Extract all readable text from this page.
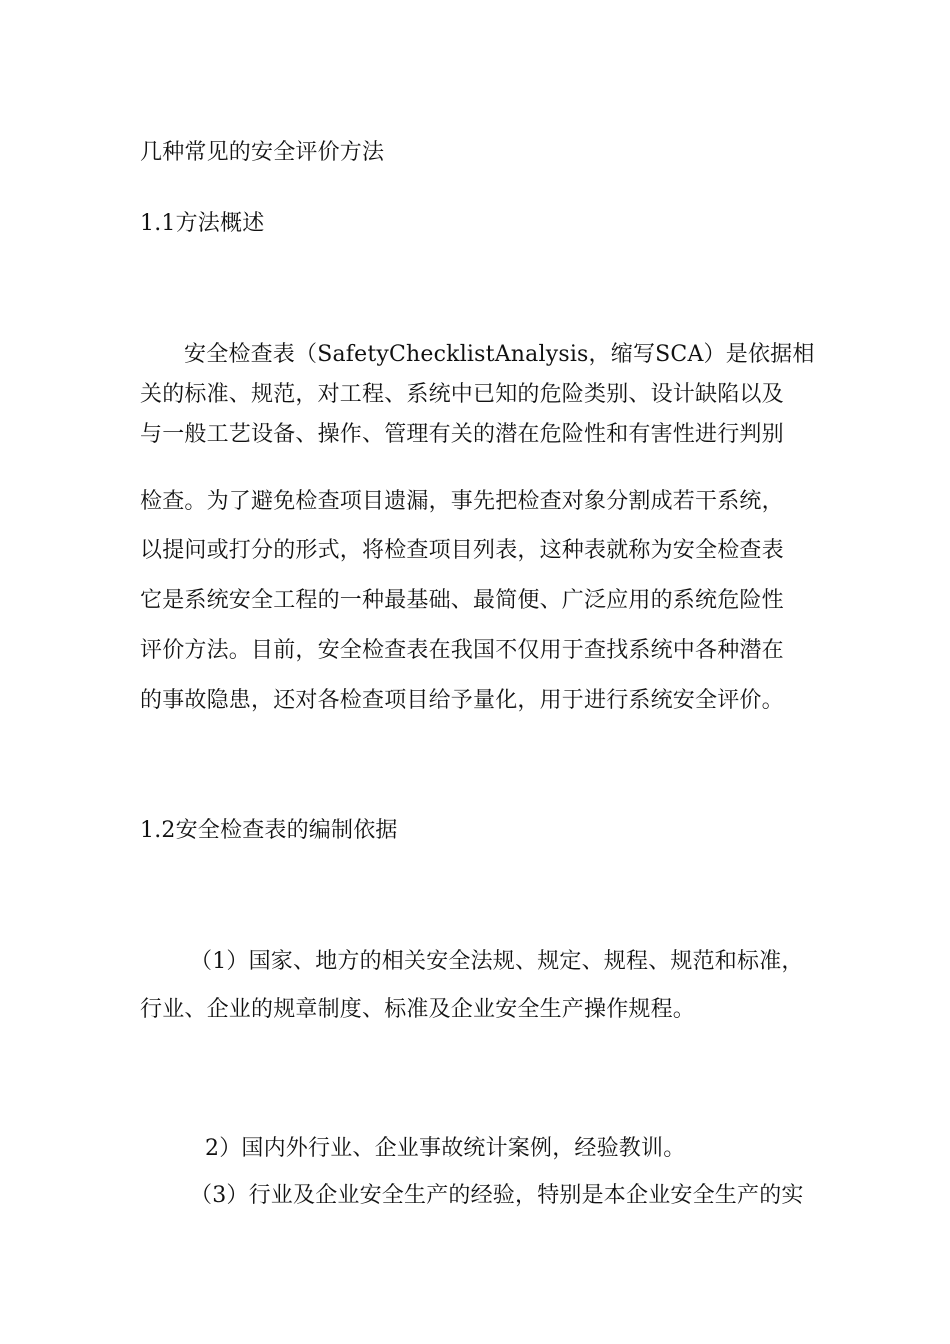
几种常见的安全评价方法
1.1方法概述
安全检查表（SafetyChecklistAnalysis，缩写SCA）是依据相
关的标准、规范，对工程、系统中已知的危险类别、设计缺陷以及
与一般工艺设备、操作、管理有关的潜在危险性和有害性进行判别
检查。为了避免检查项目遗漏，事先把检查对象分割成若干系统，
以提问或打分的形式，将检查项目列表，这种表就称为安全检查表
它是系统安全工程的一种最基础、最简便、广泛应用的系统危险性
评价方法。目前，安全检查表在我国不仅用于查找系统中各种潜在
的事故隐患，还对各检查项目给予量化，用于进行系统安全评价。
1.2安全检查表的编制依据
（1）国家、地方的相关安全法规、规定、规程、规范和标准，
行业、企业的规章制度、标准及企业安全生产操作规程。
2）国内外行业、企业事故统计案例，经验教训。
（3）行业及企业安全生产的经验，特别是本企业安全生产的实
